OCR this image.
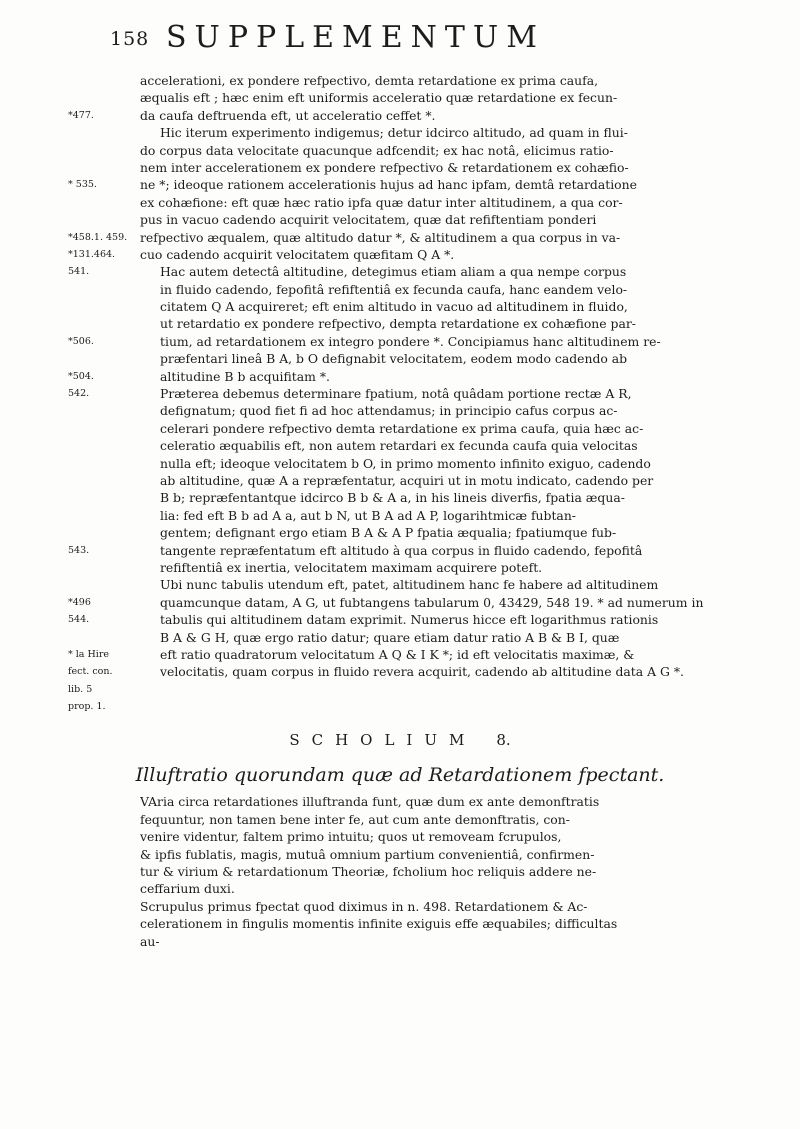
158 SUPPLEMENTUM
accelerationi, ex pondere refpectivo, demta retardatione ex prima caufa,
æqualis eft ; hæc enim eft uniformis acceleratio quæ retardatione ex fecun-
*477.	da caufa deftruenda eft, ut acceleratio ceffet *.
Hic iterum experimento indigemus; detur idcirco altitudo, ad quam in flui-
do corpus data velocitate quacunque adfcendit; ex hac notâ, elicimus ratio-
nem inter accelerationem ex pondere refpectivo & retardationem ex cohæfio-
* 535.	ne *; ideoque rationem accelerationis hujus ad hanc ipfam, demtâ retardatione
ex cohæfione: eft quæ hæc ratio ipfa quæ datur inter altitudinem, a qua cor-
pus in vacuo cadendo acquirit velocitatem, quæ dat refiftentiam ponderi
*458.1. 459. refpectivo æqualem, quæ altitudo datur *, & altitudinem a qua corpus in va-
*131.464.	cuo cadendo acquirit velocitatem quæfitam Q A *.
541.	Hac autem detectâ altitudine, detegimus etiam aliam a qua nempe corpus
in fluido cadendo, fepofitâ refiftentiâ ex fecunda caufa, hanc eandem velo-
citatem Q A acquireret; eft enim altitudo in vacuo ad altitudinem in fluido,
ut retardatio ex pondere refpectivo, dempta retardatione ex cohæfione par-
*506.	tium, ad retardationem ex integro pondere *. Concipiamus hanc altitudinem re-
præfentari lineâ B A, b O defignabit velocitatem, eodem modo cadendo ab
*504.	altitudine B b acquifitam *.
542.	Præterea debemus determinare fpatium, notâ quâdam portione rectæ A R,
defignatum; quod fiet fi ad hoc attendamus; in principio cafus corpus ac-
celerari pondere refpectivo demta retardatione ex prima caufa, quia hæc ac-
celeratio æquabilis eft, non autem retardari ex fecunda caufa quia velocitas
nulla eft; ideoque velocitatem b O, in primo momento infinito exiguo, cadendo
ab altitudine, quæ A a repræfentatur, acquiri ut in motu indicato, cadendo per
B b; repræfentantque idcirco B b & A a, in his lineis diverfis, fpatia æqua-
lia: fed eft B b ad A a, aut b N, ut B A ad A P, logarihtmicæ fubtan-
gentem; defignant ergo etiam B A & A P fpatia æqualia; fpatiumque fub-
543.	tangente repræfentatum eft altitudo à qua corpus in fluido cadendo, fepofitâ
refiftentiâ ex inertia, velocitatem maximam acquirere poteft.
Ubi nunc tabulis utendum eft, patet, altitudinem hanc fe habere ad altitudinem
*496	quamcunque datam, A G, ut fubtangens tabularum 0, 43429, 548 19. * ad numerum in
544.	tabulis qui altitudinem datam exprimit. Numerus hicce eft logarithmus rationis
B A & G H, quæ ergo ratio datur; quare etiam datur ratio A B & B I, quæ
* la Hire	eft ratio quadratorum velocitatum A Q & I K *; id eft velocitatis maximæ, &
fect. con.	velocitatis, quam corpus in fluido revera acquirit, cadendo ab altitudine data A G *.
lib. 5
prop. 1.
SCHOLIUM 8.
Illuftratio quorundam quæ ad Retardationem fpectant.
VAria circa retardationes illuftranda funt, quæ dum ex ante demonftratis
fequuntur, non tamen bene inter fe, aut cum ante demonftratis, con-
venire videntur, faltem primo intuitu; quos ut removeam fcrupulos,
& ipfis fublatis, magis, mutuâ omnium partium convenientiâ, confirmen-
tur & virium & retardationum Theoriæ, fcholium hoc reliquis addere ne-
ceffarium duxi.
Scrupulus primus fpectat quod diximus in n. 498. Retardationem & Ac-
celerationem in fingulis momentis infinite exiguis effe æquabiles; difficultas
au-
